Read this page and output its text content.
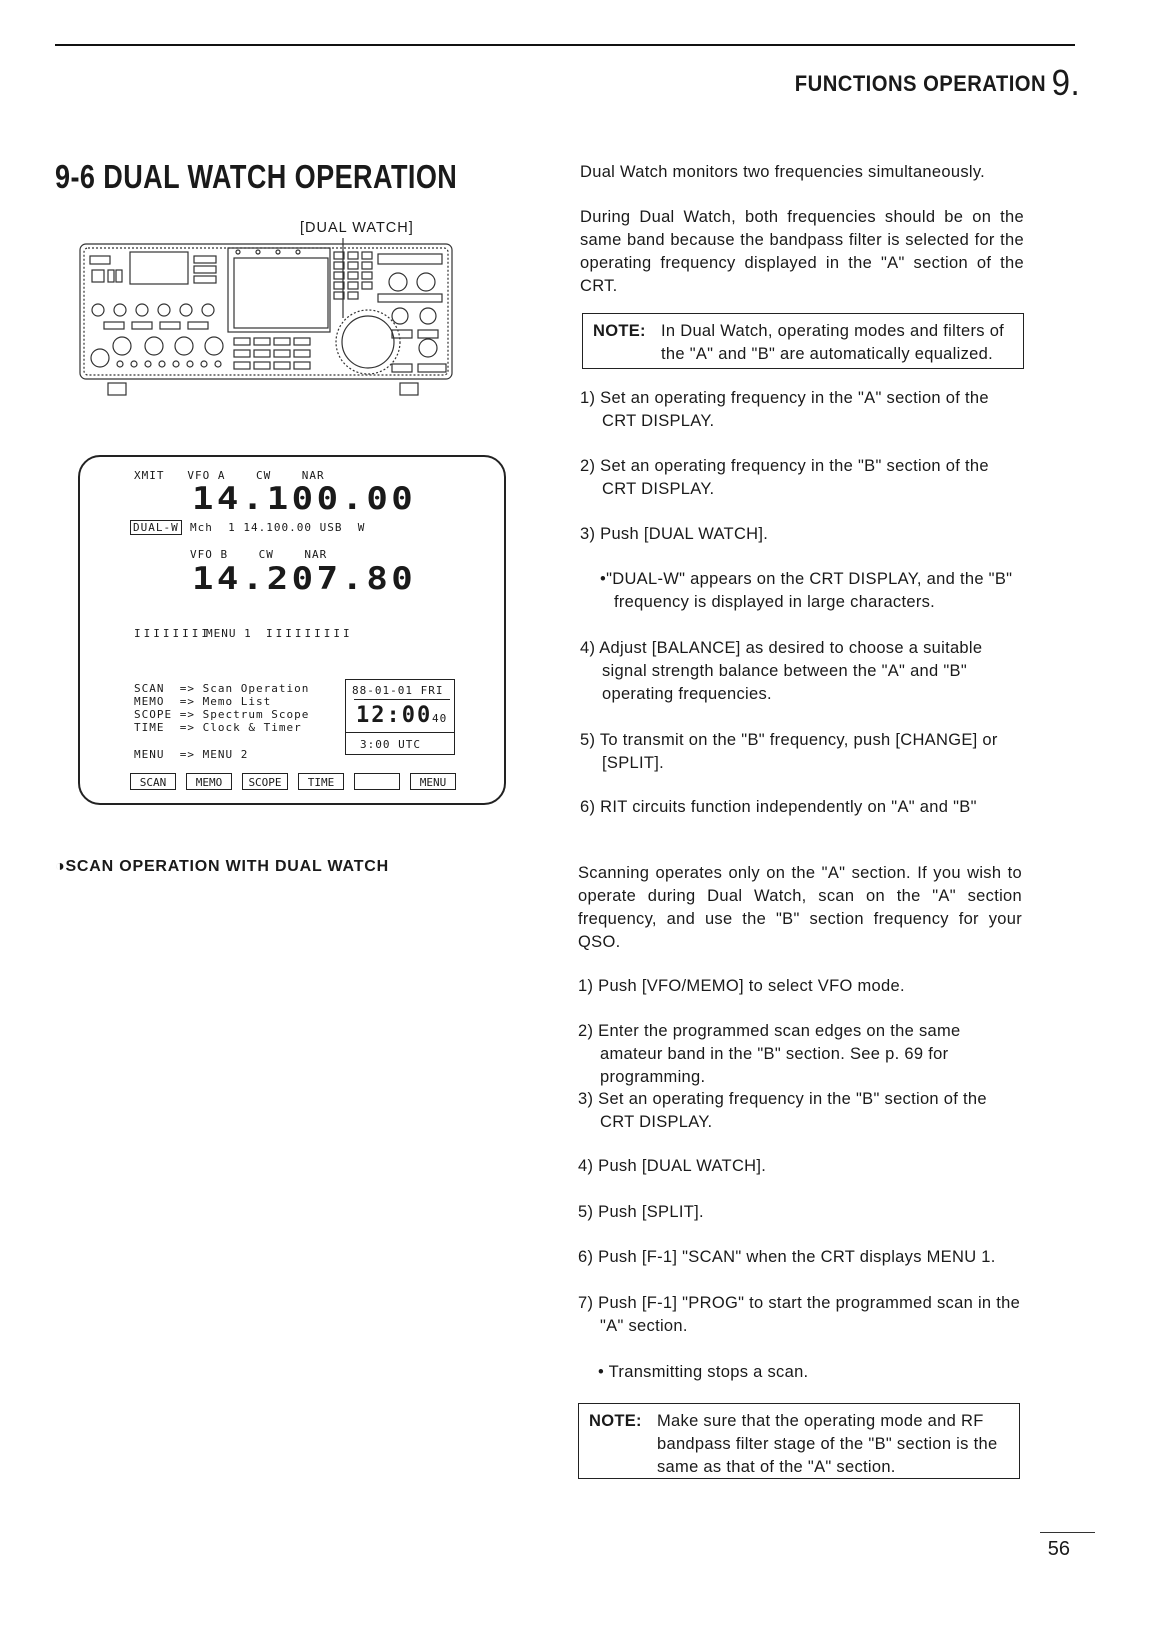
FUNCTIONS OPERATION 9.
9-6 DUAL WATCH OPERATION
[DUAL WATCH]
XMIT   VFO A    CW    NAR
14.100.00
DUAL-W Mch  1 14.100.00 USB  W
VFO B    CW    NAR
14.207.80
IIIIIIII
MENU 1 IIIIIIIII
SCAN  => Scan Operation
MEMO  => Memo List
SCOPE => Spectrum Scope
TIME  => Clock & Timer
MENU  => MENU 2
88-01-01 FRI
12:00 40
3:00 UTC
SCAN	MEMO	SCOPE	TIME	MENU
◑SCAN OPERATION WITH DUAL WATCH
Dual Watch monitors two frequencies simultaneously.
During Dual Watch, both frequencies should be on the same band because the bandpass filter is selected for the operating frequency displayed in the "A" section of the CRT.
NOTE: In Dual Watch, operating modes and filters of the "A" and "B" are automatically equalized.
1) Set an operating frequency in the "A" section of the CRT DISPLAY.
2) Set an operating frequency in the "B" section of the CRT DISPLAY.
3) Push [DUAL WATCH].
•"DUAL-W" appears on the CRT DISPLAY, and the "B" frequency is displayed in large characters.
4) Adjust [BALANCE] as desired to choose a suitable signal strength balance between the "A" and "B" operating frequencies.
5) To transmit on the "B" frequency, push [CHANGE] or [SPLIT].
6) RIT circuits function independently on "A" and "B"
Scanning operates only on the "A" section. If you wish to operate during Dual Watch, scan on the "A" section frequency, and use the "B" section frequency for your QSO.
1) Push [VFO/MEMO] to select VFO mode.
2) Enter the programmed scan edges on the same amateur band in the "B" section. See p. 69 for programming.
3) Set an operating frequency in the "B" section of the CRT DISPLAY.
4) Push [DUAL WATCH].
5) Push [SPLIT].
6) Push [F-1] "SCAN" when the CRT displays MENU 1.
7) Push [F-1] "PROG" to start the programmed scan in the "A" section.
• Transmitting stops a scan.
NOTE: Make sure that the operating mode and RF bandpass filter stage of the "B" section is the same as that of the "A" section.
56
